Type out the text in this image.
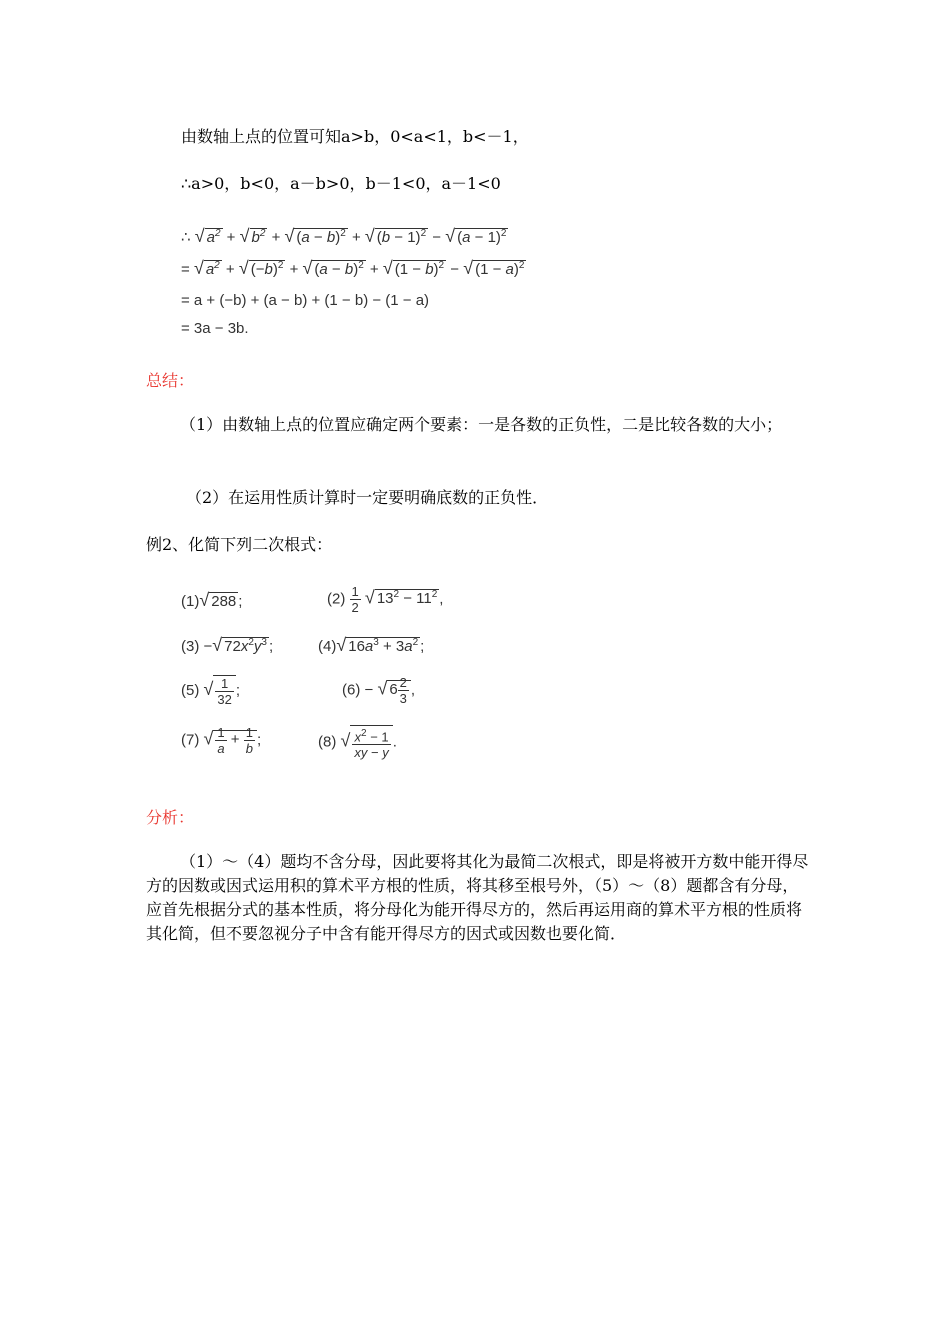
由数轴上点的位置可知a>b，0<a<1，b<－1，
∴a>0，b<0，a－b>0，b－1<0，a－1<0
∴ √ $a^2$ + √ $b^2$ + √ $(a - b)^2$ + √ $(b - 1)^2$ − √ $(a - 1)^2$
= √ $a^2$ + √ $(-b)^2$ + √ $(a - b)^2$ + √ $(1 - b)^2$ − √ $(1 - a)^2$
= a + (−b) + (a − b) + (1 − b) − (1 − a)
= 3a − 3b.
总结：
（1）由数轴上点的位置应确定两个要素：一是各数的正负性，二是比较各数的大小；
（2）在运用性质计算时一定要明确底数的正负性．
例2、化简下列二次根式：
(1)√ 288 ;	$(2) \frac{1}{2}$ √ $13^2 - 11^2$ ,
(3) −√ $72x^2y^3$ ;	(4)√ $16a^3 + 3a^2$ ;
(5) √ $\frac{1}{32}$ ;	(6) − √ $6 \frac{2}{3}$ ,
(7) √ $\frac{1}{a} + \frac{1}{b}$ ;	(8) √ $\frac{x^2 - 1}{xy - y}$ .
分析：
（1）～（4）题均不含分母，因此要将其化为最简二次根式，即是将被开方数中能开得尽方的因数或因式运用积的算术平方根的性质，将其移至根号外，（5）～（8）题都含有分母，应首先根据分式的基本性质，将分母化为能开得尽方的，然后再运用商的算术平方根的性质将其化简，但不要忽视分子中含有能开得尽方的因式或因数也要化简．
